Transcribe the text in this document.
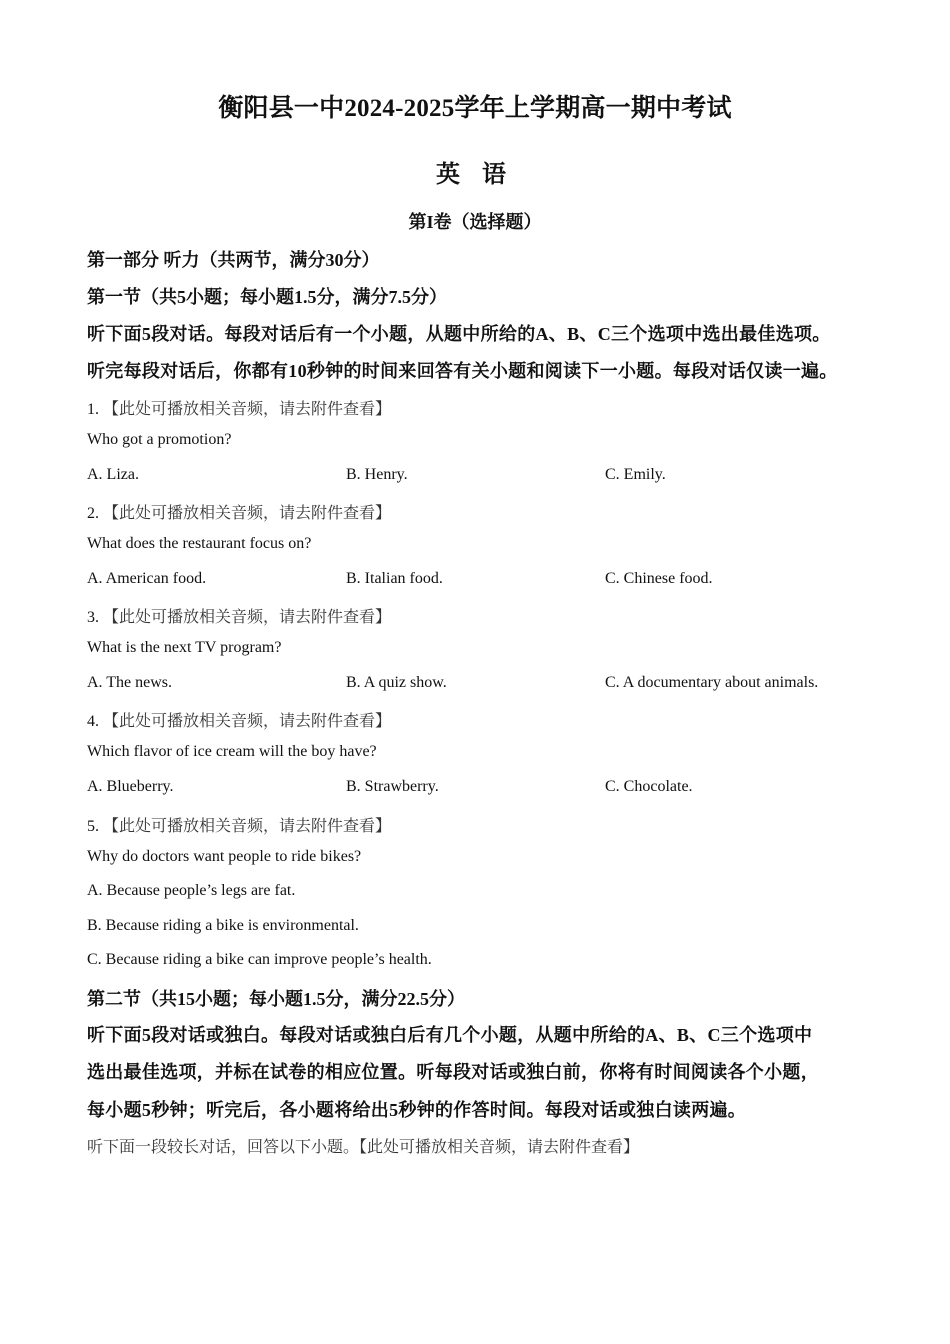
衡阳县一中2024-2025学年上学期高一期中考试
英 语
第I卷（选择题）
第一部分 听力（共两节，满分30分）
第一节（共5小题；每小题1.5分，满分7.5分）
听下面5段对话。每段对话后有一个小题，从题中所给的A、B、C三个选项中选出最佳选项。
听完每段对话后，你都有10秒钟的时间来回答有关小题和阅读下一小题。每段对话仅读一遍。
1. 【此处可播放相关音频，请去附件查看】
Who got a promotion?
A. Liza.	B. Henry.	C. Emily.
2. 【此处可播放相关音频，请去附件查看】
What does the restaurant focus on?
A. American food.	B. Italian food.	C. Chinese food.
3. 【此处可播放相关音频，请去附件查看】
What is the next TV program?
A. The news.	B. A quiz show.	C. A documentary about animals.
4. 【此处可播放相关音频，请去附件查看】
Which flavor of ice cream will the boy have?
A. Blueberry.	B. Strawberry.	C. Chocolate.
5. 【此处可播放相关音频，请去附件查看】
Why do doctors want people to ride bikes?
A. Because people’s legs are fat.
B. Because riding a bike is environmental.
C. Because riding a bike can improve people’s health.
第二节（共15小题；每小题1.5分，满分22.5分）
听下面5段对话或独白。每段对话或独白后有几个小题，从题中所给的A、B、C三个选项中
选出最佳选项，并标在试卷的相应位置。听每段对话或独白前，你将有时间阅读各个小题，
每小题5秒钟；听完后，各小题将给出5秒钟的作答时间。每段对话或独白读两遍。
听下面一段较长对话，回答以下小题。【此处可播放相关音频，请去附件查看】
